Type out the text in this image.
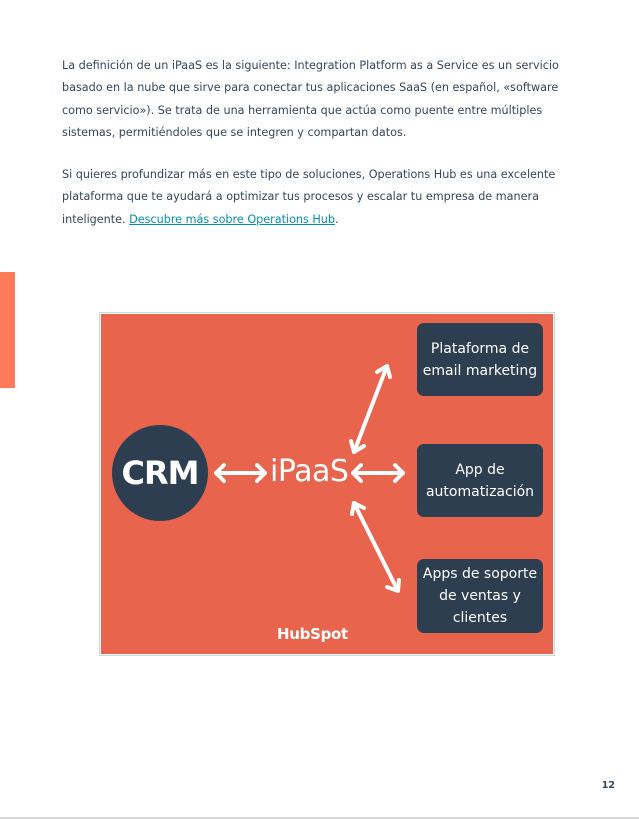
La definición de un iPaaS es la siguiente: Integration Platform as a Service es un servicio basado en la nube que sirve para conectar tus aplicaciones SaaS (en español, «software como servicio»). Se trata de una herramienta que actúa como puente entre múltiples sistemas, permitiéndoles que se integren y compartan datos.

Si quieres profundizar más en este tipo de soluciones, Operations Hub es una excelente plataforma que te ayudará a optimizar tus procesos y escalar tu empresa de manera inteligente. Descubre más sobre Operations Hub.

CRM	iPaaS
Plataforma de
email marketing
App de
automatización
Apps de soporte
de ventas y
clientes
HubSpot
12
